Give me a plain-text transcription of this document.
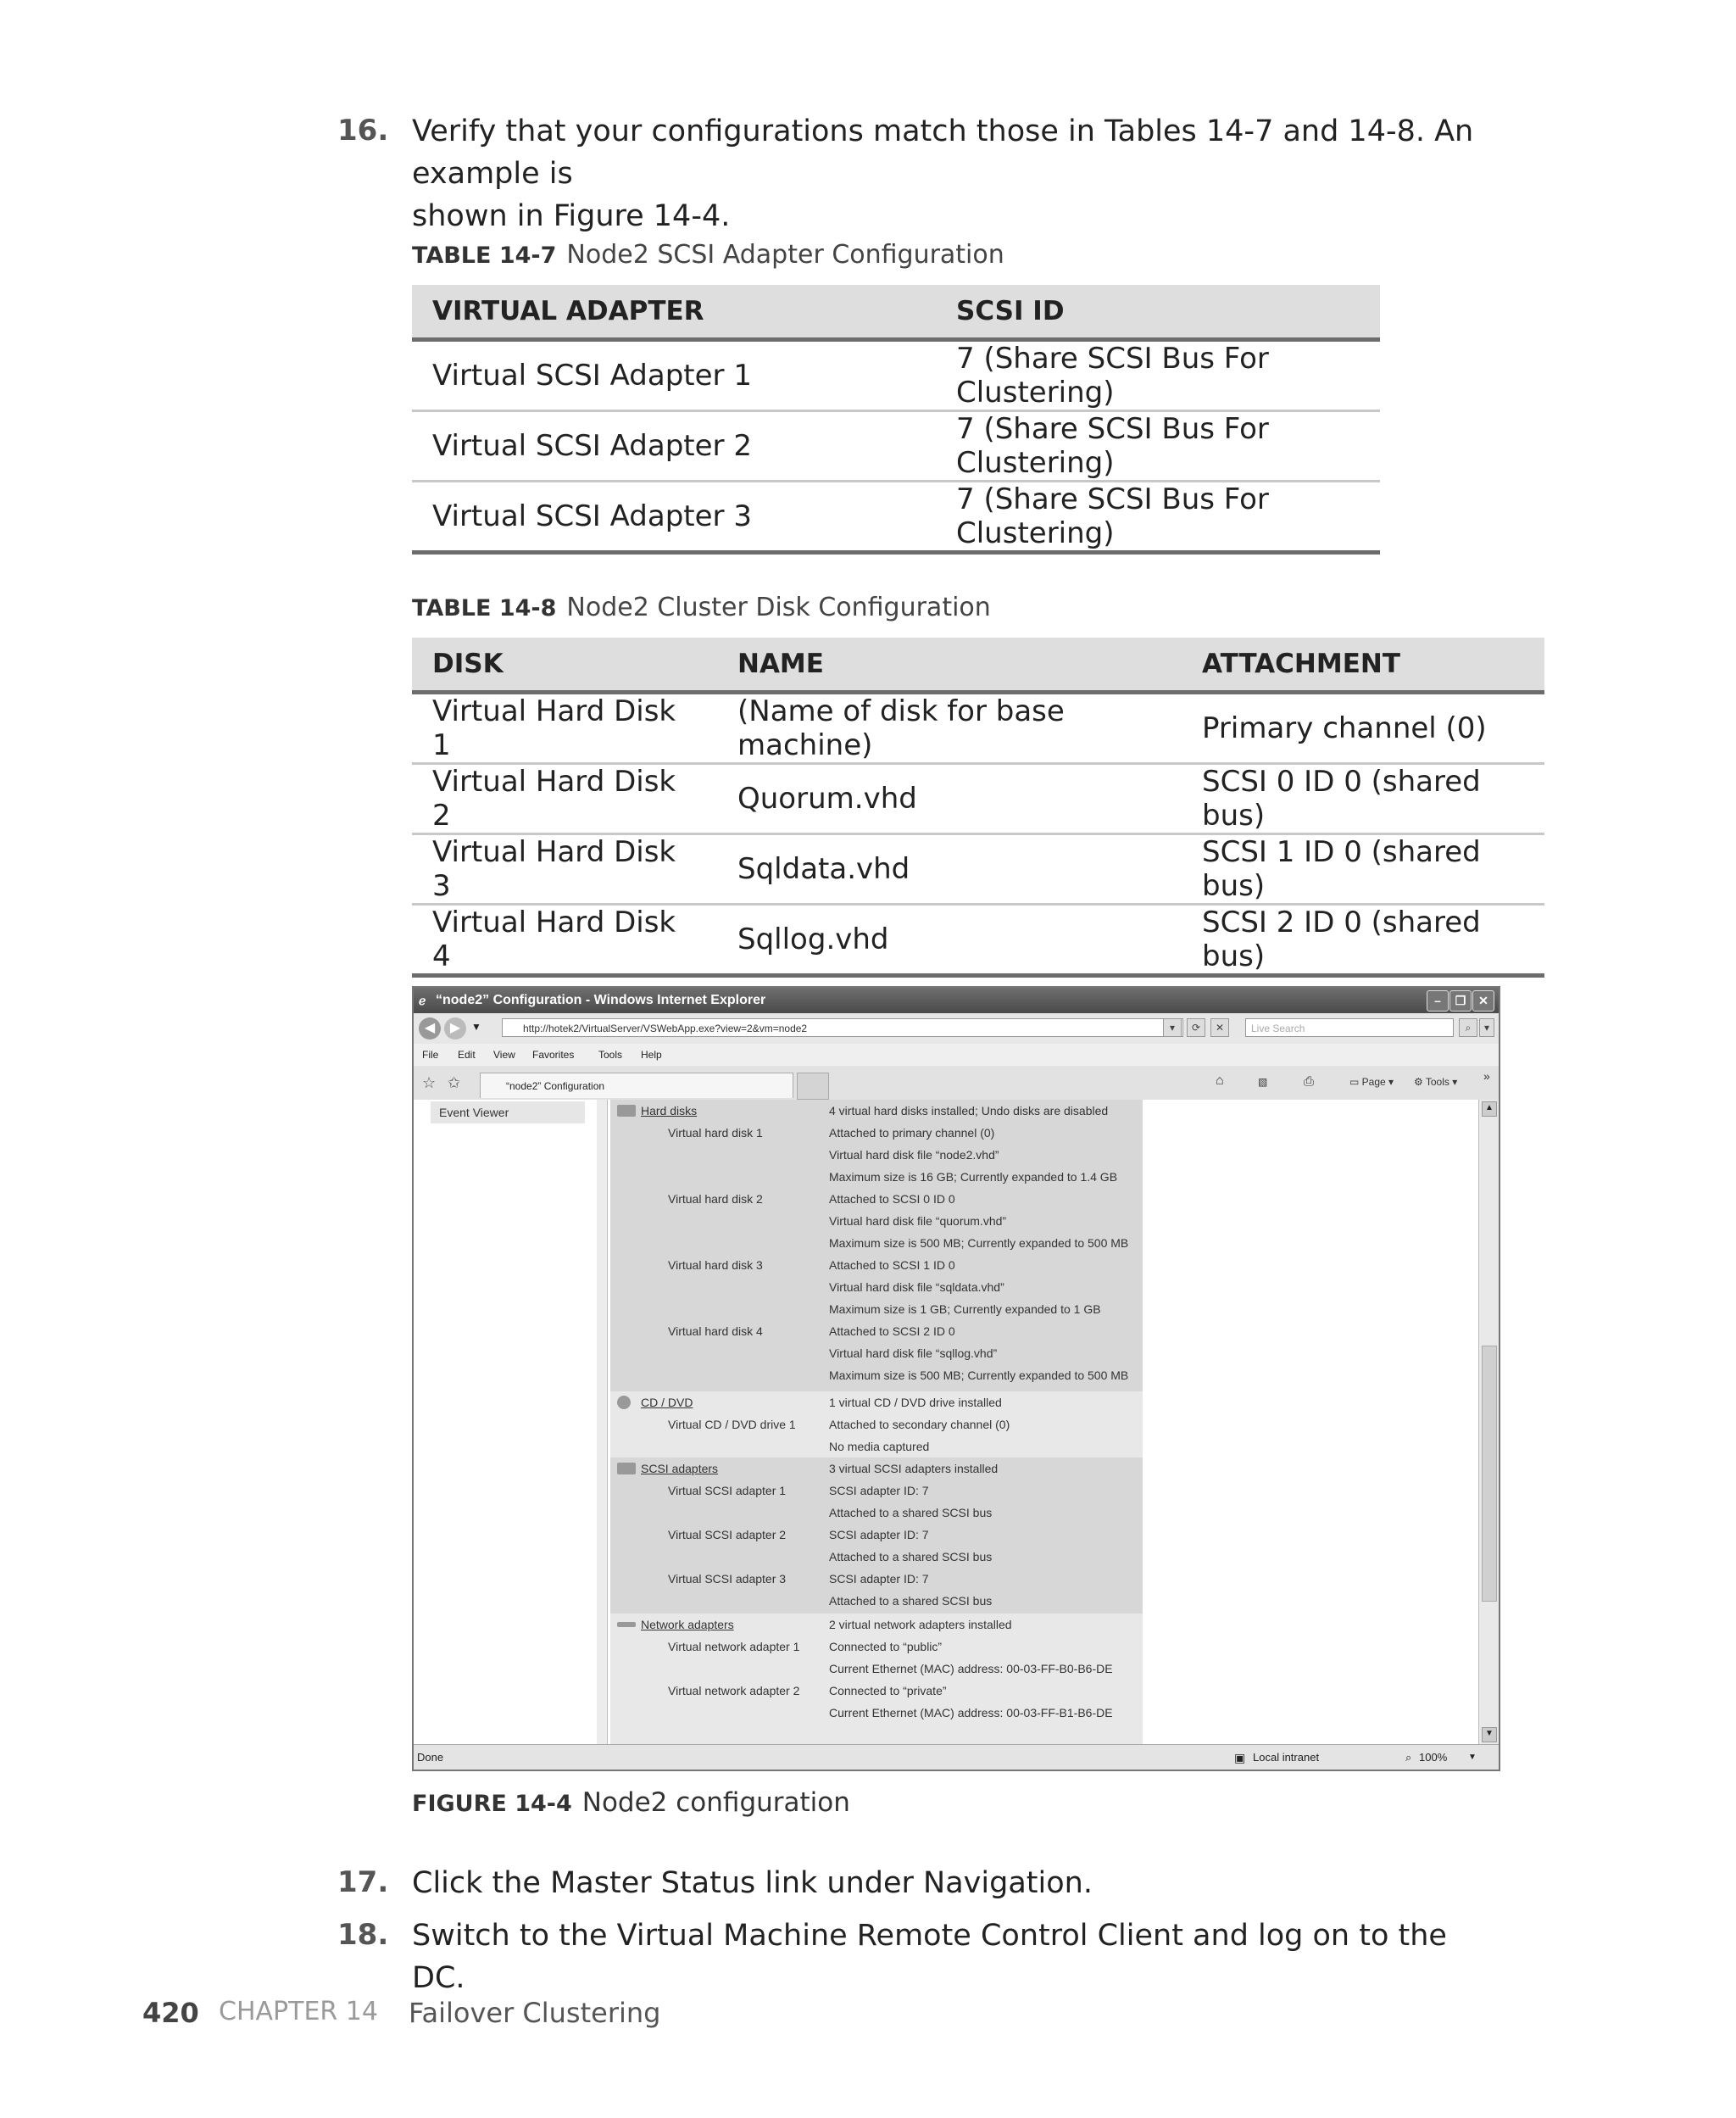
16. Verify that your configurations match those in Tables 14-7 and 14-8. An example is
shown in Figure 14-4.
TABLE 14-7 Node2 SCSI Adapter Configuration
VIRTUAL ADAPTER	SCSI ID
Virtual SCSI Adapter 1	7 (Share SCSI Bus For Clustering)
Virtual SCSI Adapter 2	7 (Share SCSI Bus For Clustering)
Virtual SCSI Adapter 3	7 (Share SCSI Bus For Clustering)
TABLE 14-8 Node2 Cluster Disk Configuration
DISK	NAME	ATTACHMENT
Virtual Hard Disk 1	(Name of disk for base machine)	Primary channel (0)
Virtual Hard Disk 2	Quorum.vhd	SCSI 0 ID 0 (shared bus)
Virtual Hard Disk 3	Sqldata.vhd	SCSI 1 ID 0 (shared bus)
Virtual Hard Disk 4	Sqllog.vhd	SCSI 2 ID 0 (shared bus)
ℯ “node2” Configuration - Windows Internet Explorer	–	❐	✕
◀	▶	▼	http://hotek2/VirtualServer/VSWebApp.exe?view=2&vm=node2	▾	⟳	✕	Live Search	⌕	▾
File Edit View Favorites Tools Help
☆ ✩	“node2” Configuration	⌂	▧	⎙	▭ Page ▾ ⚙ Tools ▾ »
Event Viewer	Hard disks	4 virtual hard disks installed; Undo disks are disabled
Virtual hard disk 1	Attached to primary channel (0)
Virtual hard disk file “node2.vhd”
Maximum size is 16 GB; Currently expanded to 1.4 GB
Virtual hard disk 2	Attached to SCSI 0 ID 0
Virtual hard disk file “quorum.vhd”
Maximum size is 500 MB; Currently expanded to 500 MB
Virtual hard disk 3	Attached to SCSI 1 ID 0
Virtual hard disk file “sqldata.vhd”
Maximum size is 1 GB; Currently expanded to 1 GB
Virtual hard disk 4	Attached to SCSI 2 ID 0
Virtual hard disk file “sqllog.vhd”
Maximum size is 500 MB; Currently expanded to 500 MB
CD / DVD	1 virtual CD / DVD drive installed
Virtual CD / DVD drive 1	Attached to secondary channel (0)
No media captured
SCSI adapters	3 virtual SCSI adapters installed
Virtual SCSI adapter 1	SCSI adapter ID: 7
Attached to a shared SCSI bus
Virtual SCSI adapter 2	SCSI adapter ID: 7
Attached to a shared SCSI bus
Virtual SCSI adapter 3	SCSI adapter ID: 7
Attached to a shared SCSI bus
Network adapters	2 virtual network adapters installed
Virtual network adapter 1 Connected to “public”
Current Ethernet (MAC) address: 00-03-FF-B0-B6-DE
Virtual network adapter 2 Connected to “private”
Current Ethernet (MAC) address: 00-03-FF-B1-B6-DE
▲
▼
Done	▣ Local intranet	⌕ 100% ▼
FIGURE 14-4 Node2 configuration
17. Click the Master Status link under Navigation.
18. Switch to the Virtual Machine Remote Control Client and log on to the DC.
420 CHAPTER 14 Failover Clustering
